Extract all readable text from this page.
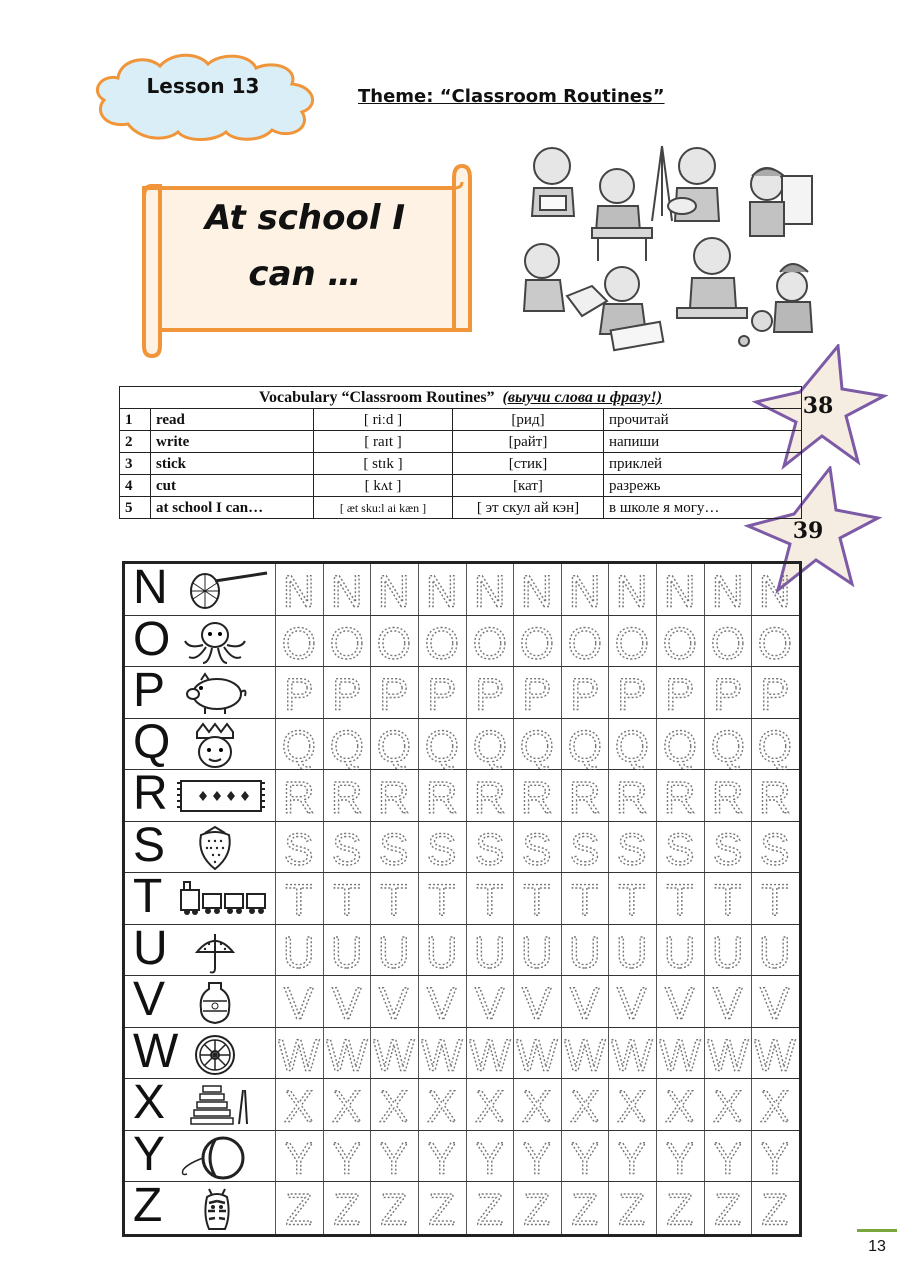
Lesson 13	Theme: “Classroom Routines”
At school I
can …
38
39
Vocabulary “Classroom Routines” (выучи слова и фразу!)				
1	read	[ riːd ]	[рид]	прочитай
2	write	[ raɪt ]	[райт]	напиши
3	stick	[ stɪk ]	[стик]	приклей
4	cut	[ kʌt ]	[кат]	разрежь
5	at school I can…	[ æt sku:l ai kæn ]	[ эт скул ай кэн]	в школе я могу…
N	N N N N N N N N N N N
O	O O O O O O O O O O O
P	P P P P P P P P P P P
Q	Q Q Q Q Q Q Q Q Q Q Q
R	R R R R R R R R R R R
S	S S S S S S S S S S S
T	T T T T T T T T T T T
U	U U U U U U U U U U U
V	V V V V V V V V V V V
W W W W W W W W W W W W
X	X X X X X X X X X X X
Y	Y Y Y Y Y Y Y Y Y Y Y
Z	Z Z Z Z Z Z Z Z Z Z Z
13
